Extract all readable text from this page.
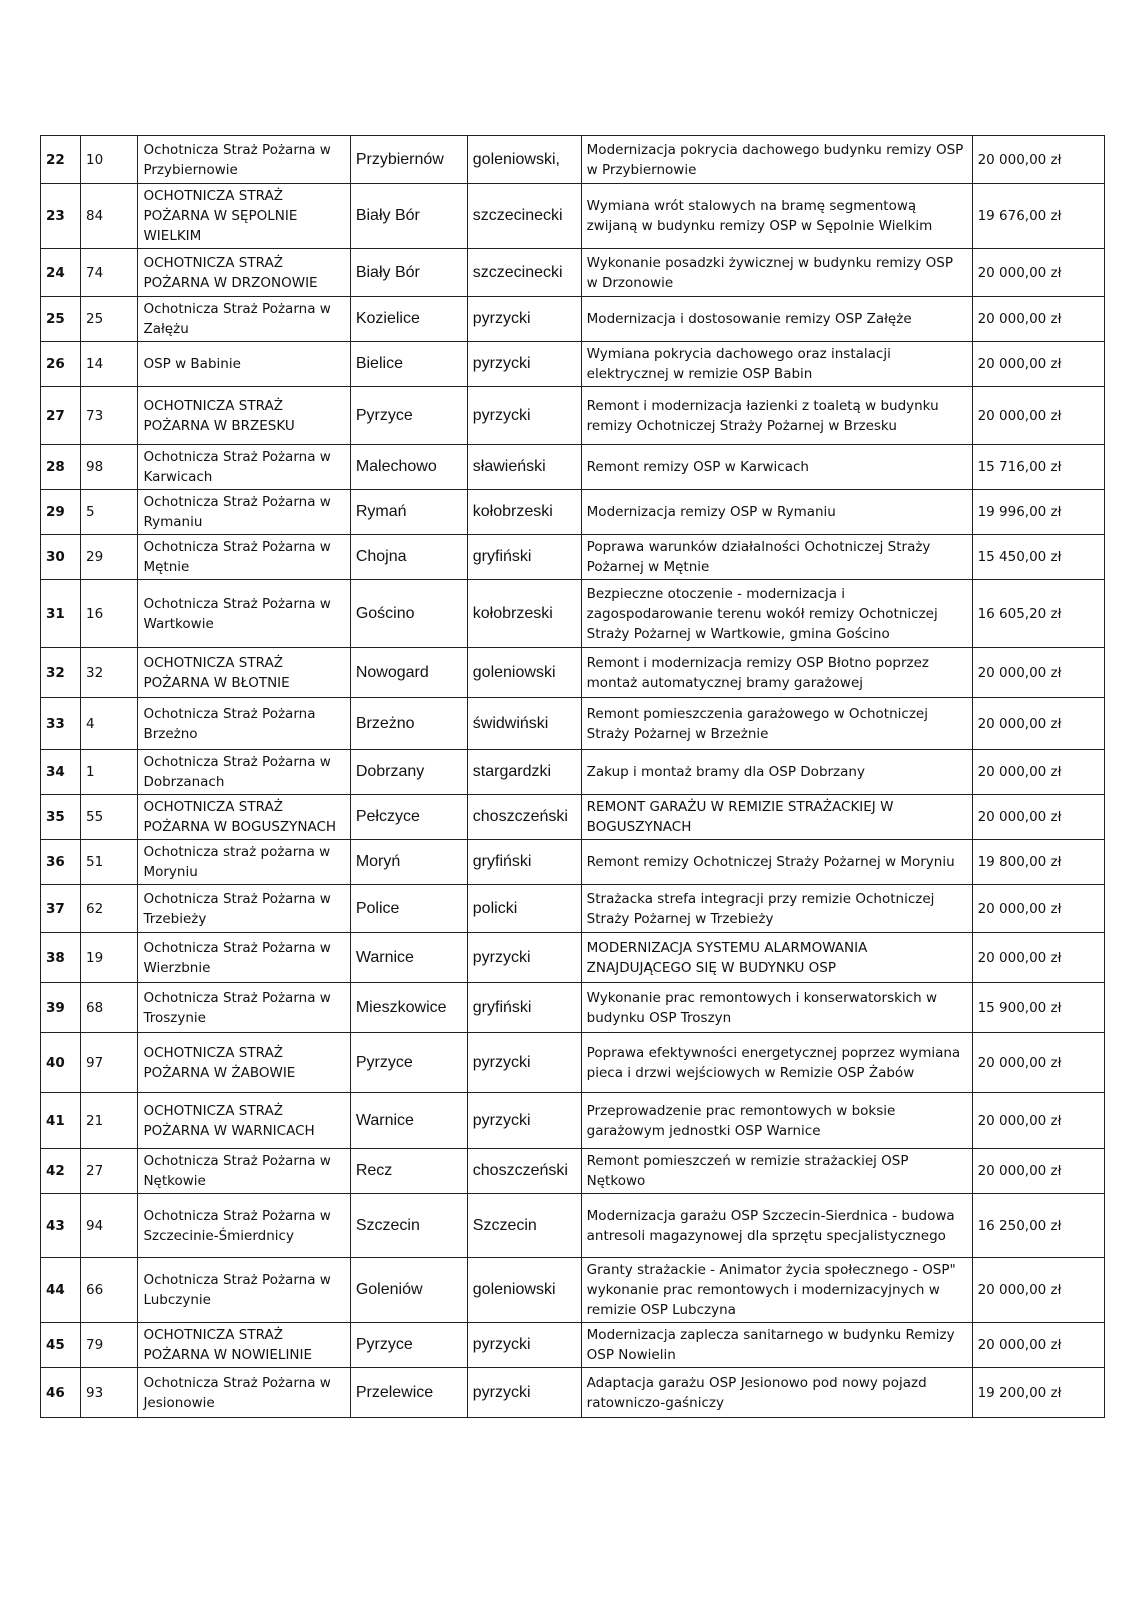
22	10	Ochotnicza Straż Pożarna w Przybiernowie	Przybiernów	goleniowski,	Modernizacja pokrycia dachowego budynku remizy OSP w Przybiernowie	20 000,00 zł
23	84	OCHOTNICZA STRAŻ POŻARNA W SĘPOLNIE WIELKIM	Biały Bór	szczecinecki	Wymiana wrót stalowych na bramę segmentową zwijaną w budynku remizy OSP w Sępolnie Wielkim	19 676,00 zł
24	74	OCHOTNICZA STRAŻ POŻARNA W DRZONOWIE	Biały Bór	szczecinecki	Wykonanie posadzki żywicznej w budynku remizy OSP w Drzonowie	20 000,00 zł
25	25	Ochotnicza Straż Pożarna w Załężu	Kozielice	pyrzycki	Modernizacja i dostosowanie remizy OSP Załęże	20 000,00 zł
26	14	OSP w Babinie	Bielice	pyrzycki	Wymiana pokrycia dachowego oraz instalacji elektrycznej w remizie OSP Babin	20 000,00 zł
27	73	OCHOTNICZA STRAŻ POŻARNA W BRZESKU	Pyrzyce	pyrzycki	Remont i modernizacja łazienki z toaletą w budynku remizy Ochotniczej Straży Pożarnej w Brzesku	20 000,00 zł
28	98	Ochotnicza Straż Pożarna w Karwicach	Malechowo	sławieński	Remont remizy OSP w Karwicach	15 716,00 zł
29	5	Ochotnicza Straż Pożarna w Rymaniu	Rymań	kołobrzeski	Modernizacja remizy OSP w Rymaniu	19 996,00 zł
30	29	Ochotnicza Straż Pożarna w Mętnie	Chojna	gryfiński	Poprawa warunków działalności Ochotniczej Straży Pożarnej w Mętnie	15 450,00 zł
31	16	Ochotnicza Straż Pożarna w Wartkowie	Gościno	kołobrzeski	Bezpieczne otoczenie - modernizacja i zagospodarowanie terenu wokół remizy Ochotniczej Straży Pożarnej w Wartkowie, gmina Gościno	16 605,20 zł
32	32	OCHOTNICZA STRAŻ POŻARNA W BŁOTNIE	Nowogard	goleniowski	Remont i modernizacja remizy OSP Błotno poprzez montaż automatycznej bramy garażowej	20 000,00 zł
33	4	Ochotnicza Straż Pożarna Brzeżno	Brzeżno	świdwiński	Remont pomieszczenia garażowego w Ochotniczej Straży Pożarnej w Brzeżnie	20 000,00 zł
34	1	Ochotnicza Straż Pożarna w Dobrzanach	Dobrzany	stargardzki	Zakup i montaż bramy dla OSP Dobrzany	20 000,00 zł
35	55	OCHOTNICZA STRAŻ POŻARNA W BOGUSZYNACH	Pełczyce	choszczeński	REMONT GARAŻU W REMIZIE STRAŻACKIEJ W BOGUSZYNACH	20 000,00 zł
36	51	Ochotnicza straż pożarna w Moryniu	Moryń	gryfiński	Remont remizy Ochotniczej Straży Pożarnej w Moryniu	19 800,00 zł
37	62	Ochotnicza Straż Pożarna w Trzebieży	Police	policki	Strażacka strefa integracji przy remizie Ochotniczej Straży Pożarnej w Trzebieży	20 000,00 zł
38	19	Ochotnicza Straż Pożarna w Wierzbnie	Warnice	pyrzycki	MODERNIZACJA SYSTEMU ALARMOWANIA ZNAJDUJĄCEGO SIĘ W BUDYNKU OSP	20 000,00 zł
39	68	Ochotnicza Straż Pożarna w Troszynie	Mieszkowice	gryfiński	Wykonanie prac remontowych i konserwatorskich w budynku OSP Troszyn	15 900,00 zł
40	97	OCHOTNICZA STRAŻ POŻARNA W ŻABOWIE	Pyrzyce	pyrzycki	Poprawa efektywności energetycznej poprzez wymiana pieca i drzwi wejściowych w Remizie OSP Żabów	20 000,00 zł
41	21	OCHOTNICZA STRAŻ POŻARNA W WARNICACH	Warnice	pyrzycki	Przeprowadzenie prac remontowych w boksie garażowym jednostki OSP Warnice	20 000,00 zł
42	27	Ochotnicza Straż Pożarna w Nętkowie	Recz	choszczeński	Remont pomieszczeń w remizie strażackiej OSP Nętkowo	20 000,00 zł
43	94	Ochotnicza Straż Pożarna w Szczecinie-Śmierdnicy	Szczecin	Szczecin	Modernizacja garażu OSP Szczecin-Sierdnica - budowa antresoli magazynowej dla sprzętu specjalistycznego	16 250,00 zł
44	66	Ochotnicza Straż Pożarna w Lubczynie	Goleniów	goleniowski	Granty strażackie - Animator życia społecznego - OSP" wykonanie prac remontowych i modernizacyjnych w remizie OSP Lubczyna	20 000,00 zł
45	79	OCHOTNICZA STRAŻ POŻARNA W NOWIELINIE	Pyrzyce	pyrzycki	Modernizacja zaplecza sanitarnego w budynku Remizy OSP Nowielin	20 000,00 zł
46	93	Ochotnicza Straż Pożarna w Jesionowie	Przelewice	pyrzycki	Adaptacja garażu OSP Jesionowo pod nowy pojazd ratowniczo-gaśniczy	19 200,00 zł
